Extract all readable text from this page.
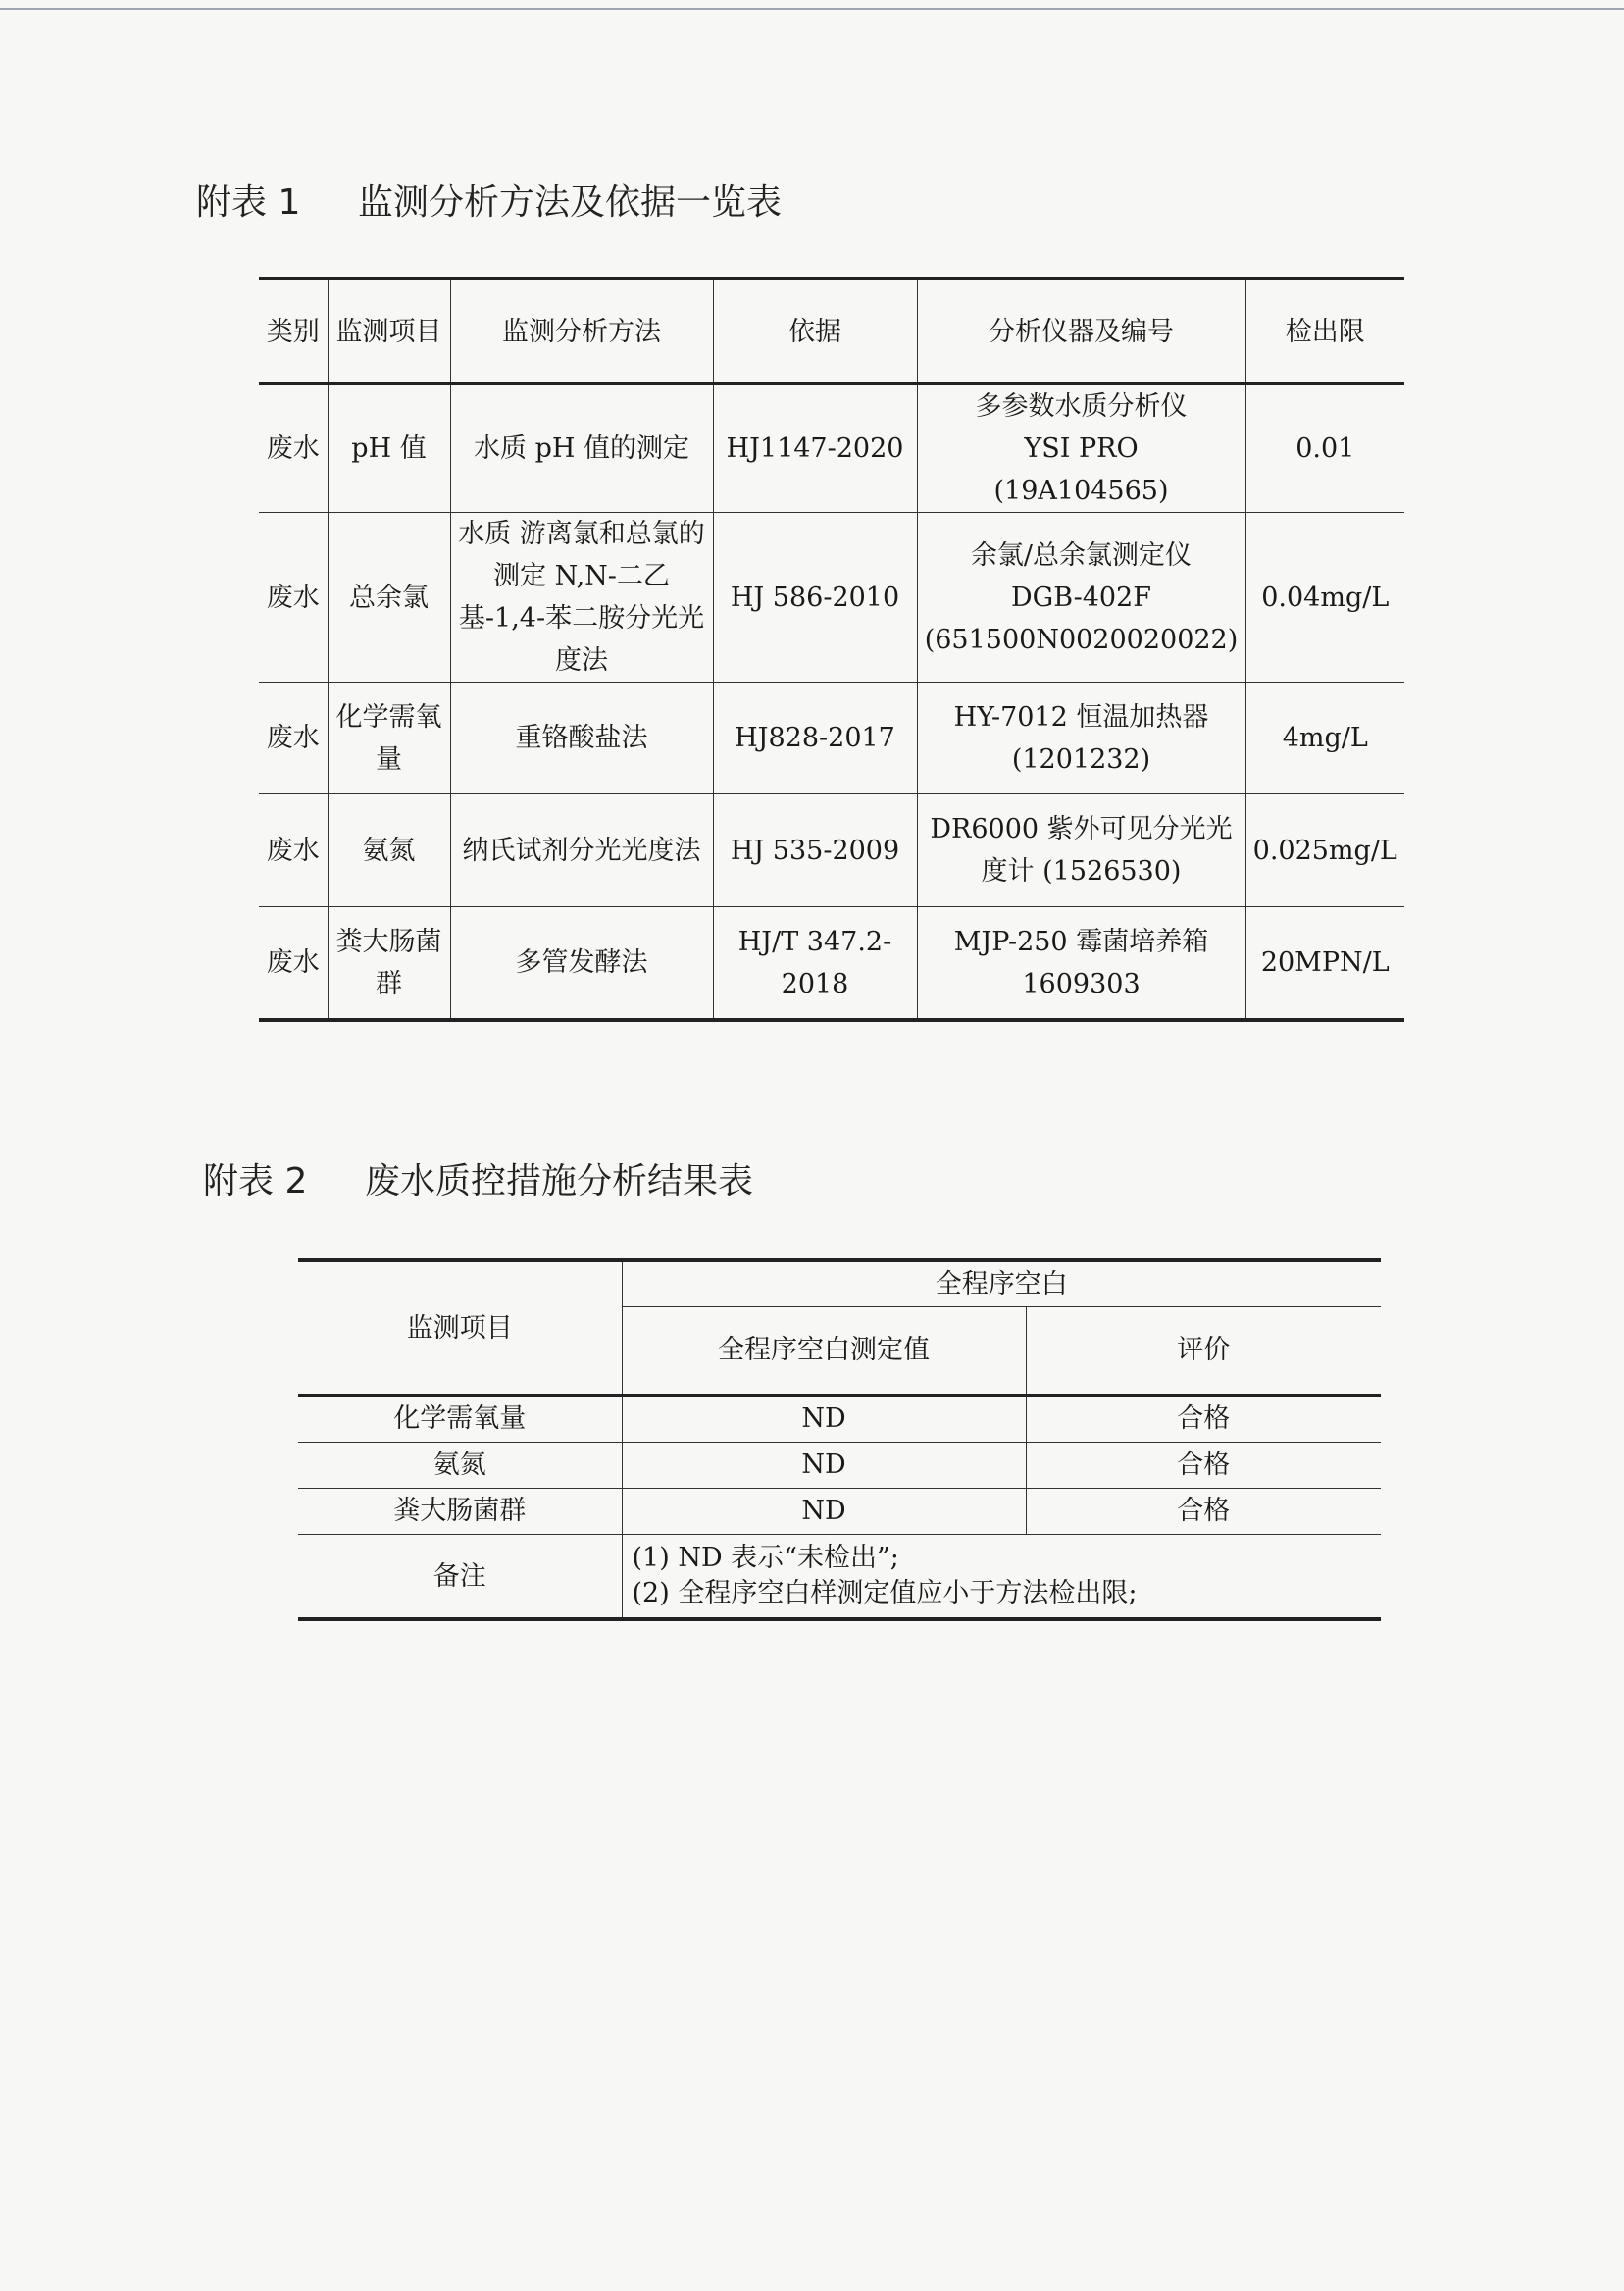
附表 1 监测分析方法及依据一览表
类别	监测项目	监测分析方法	依据	分析仪器及编号	检出限
废水	pH 值	水质 pH 值的测定	HJ1147-2020	多参数水质分析仪
YSI PRO
(19A104565)	0.01
废水	总余氯	水质 游离氯和总氯的测定 N,N-二乙基-1,4-苯二胺分光光度法	HJ 586-2010	余氯/总余氯测定仪
DGB-402F
(651500N0020020022)	0.04mg/L
废水	化学需氧量	重铬酸盐法	HJ828-2017	HY-7012 恒温加热器
(1201232)	4mg/L
废水	氨氮	纳氏试剂分光光度法	HJ 535-2009	DR6000 紫外可见分光光度计 (1526530)	0.025mg/L
废水	粪大肠菌群	多管发酵法	HJ/T 347.2-2018	MJP-250 霉菌培养箱
1609303	20MPN/L
附表 2 废水质控措施分析结果表
监测项目	全程序空白	
	全程序空白测定值	评价
化学需氧量	ND	合格
氨氮	ND	合格
粪大肠菌群	ND	合格
备注	(1) ND 表示“未检出”;
(2) 全程序空白样测定值应小于方法检出限;	
